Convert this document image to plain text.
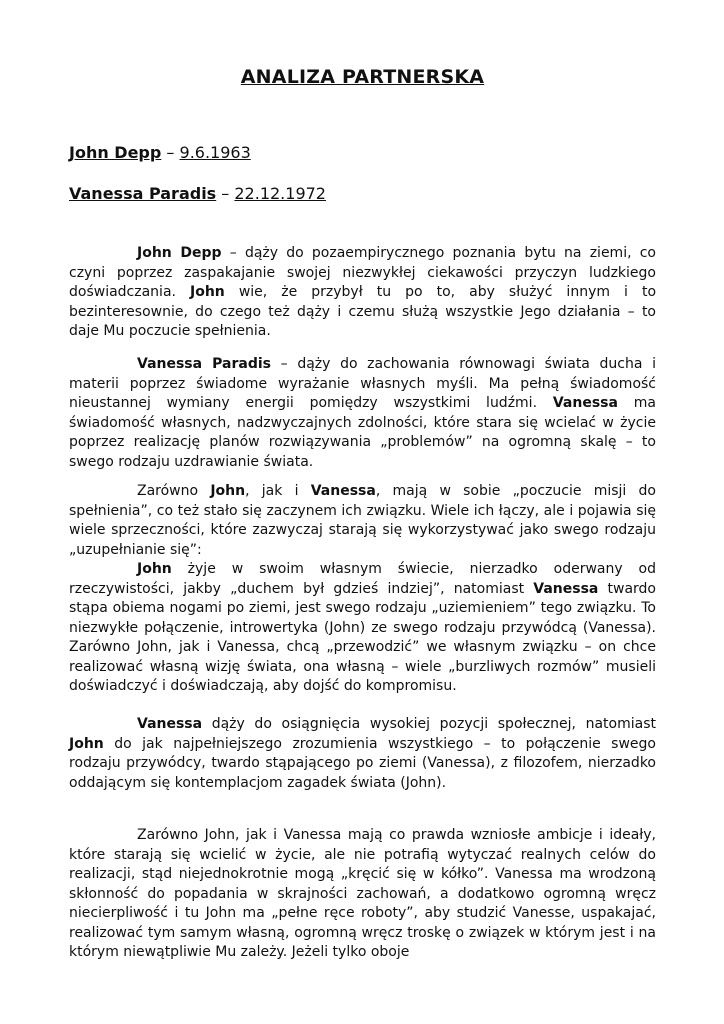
ANALIZA PARTNERSKA

John Depp – 9.6.1963

Vanessa Paradis – 22.12.1972

John Depp – dąży do pozaempirycznego poznania bytu na ziemi, co czyni poprzez zaspakajanie swojej niezwykłej ciekawości przyczyn ludzkiego doświadczania. John wie, że przybył tu po to, aby służyć innym i to bezinteresownie, do czego też dąży i czemu służą wszystkie Jego działania – to daje Mu poczucie spełnienia.

Vanessa Paradis – dąży do zachowania równowagi świata ducha i materii poprzez świadome wyrażanie własnych myśli. Ma pełną świadomość nieustannej wymiany energii pomiędzy wszystkimi ludźmi. Vanessa ma świadomość własnych, nadzwyczajnych zdolności, które stara się wcielać w życie poprzez realizację planów rozwiązywania „problemów” na ogromną skalę – to swego rodzaju uzdrawianie świata.

Zarówno John, jak i Vanessa, mają w sobie „poczucie misji do spełnienia”, co też stało się zaczynem ich związku. Wiele ich łączy, ale i pojawia się wiele sprzeczności, które zazwyczaj starają się wykorzystywać jako swego rodzaju „uzupełnianie się”:
John żyje w swoim własnym świecie, nierzadko oderwany od rzeczywistości, jakby „duchem był gdzieś indziej”, natomiast Vanessa twardo stąpa obiema nogami po ziemi, jest swego rodzaju „uziemieniem” tego związku. To niezwykłe połączenie, introwertyka (John) ze swego rodzaju przywódcą (Vanessa). Zarówno John, jak i Vanessa, chcą „przewodzić” we własnym związku – on chce realizować własną wizję świata, ona własną – wiele „burzliwych rozmów” musieli doświadczyć i doświadczają, aby dojść do kompromisu.

Vanessa dąży do osiągnięcia wysokiej pozycji społecznej, natomiast John do jak najpełniejszego zrozumienia wszystkiego – to połączenie swego rodzaju przywódcy, twardo stąpającego po ziemi (Vanessa), z filozofem, nierzadko oddającym się kontemplacjom zagadek świata (John).

Zarówno John, jak i Vanessa mają co prawda wzniosłe ambicje i ideały, które starają się wcielić w życie, ale nie potrafią wytyczać realnych celów do realizacji, stąd niejednokrotnie mogą „kręcić się w kółko”. Vanessa ma wrodzoną skłonność do popadania w skrajności zachowań, a dodatkowo ogromną wręcz niecierpliwość i tu John ma „pełne ręce roboty”, aby studzić Vanesse, uspakajać, realizować tym samym własną, ogromną wręcz troskę o związek w którym jest i na którym niewątpliwie Mu zależy. Jeżeli tylko oboje
